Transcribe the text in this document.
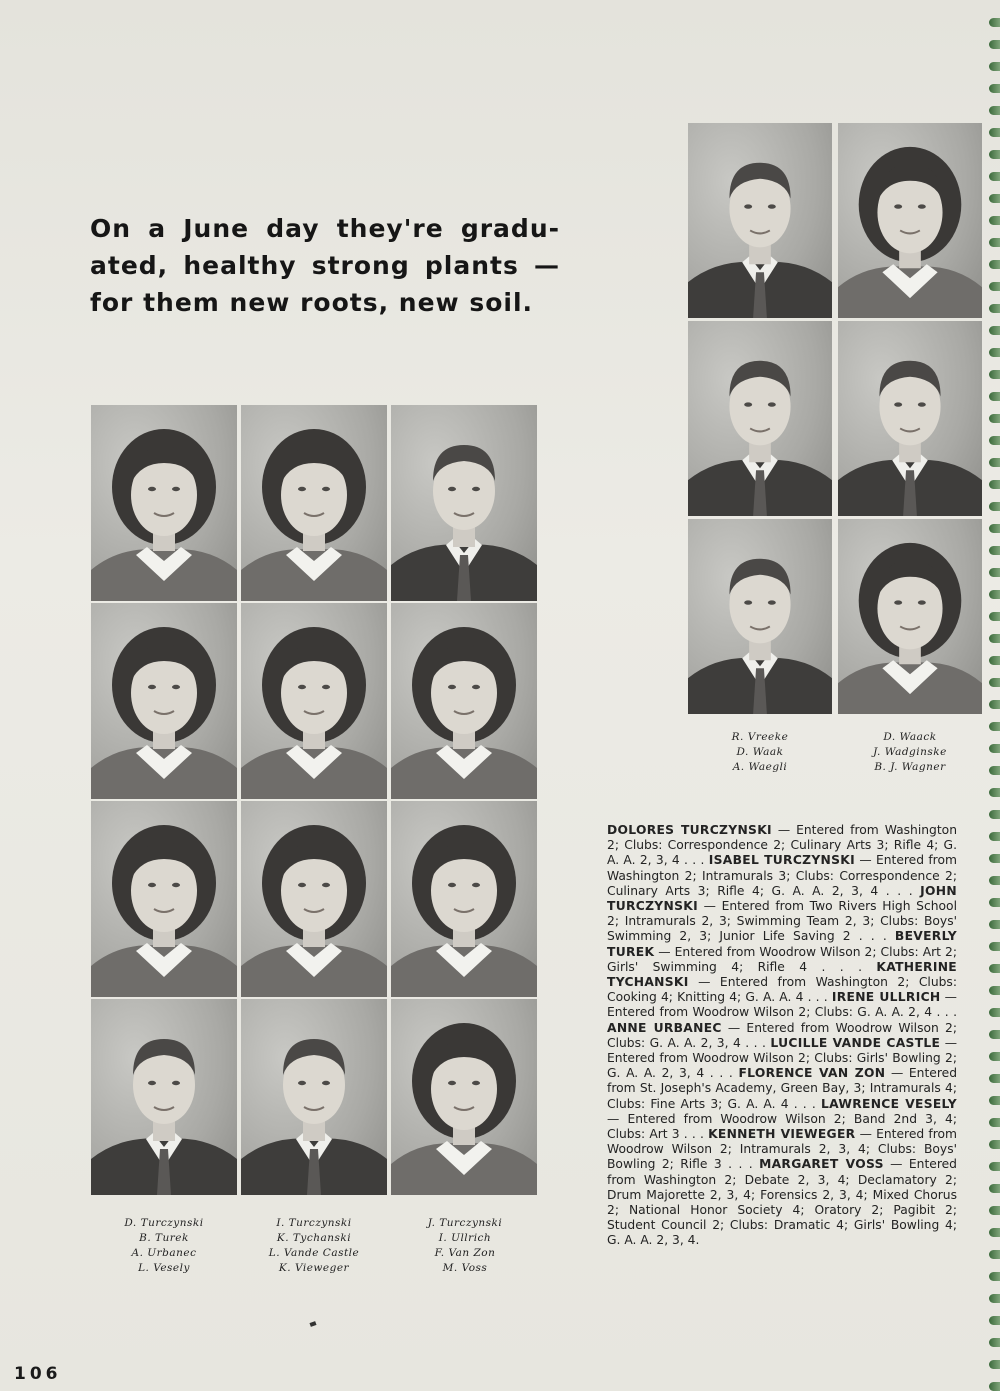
On a June day they're gradu-
ated, healthy strong plants —
for them new roots, new soil.
D. Turczynski
B. Turek
A. Urbanec
L. Vesely
I. Turczynski
K. Tychanski
L. Vande Castle
K. Vieweger
J. Turczynski
I. Ullrich
F. Van Zon
M. Voss
R. Vreeke
D. Waak
A. Waegli
D. Waack
J. Wadginske
B. J. Wagner
DOLORES TURCZYNSKI — Entered from Washington 2; Clubs: Correspondence 2; Culinary Arts 3; Rifle 4; G. A. A. 2, 3, 4 . . . ISABEL TURCZYNSKI — Entered from Washington 2; Intramurals 3; Clubs: Correspondence 2; Culinary Arts 3; Rifle 4; G. A. A. 2, 3, 4 . . . JOHN TURCZYNSKI — Entered from Two Rivers High School 2; Intramurals 2, 3; Swimming Team 2, 3; Clubs: Boys' Swimming 2, 3; Junior Life Saving 2 . . . BEVERLY TUREK — Entered from Woodrow Wilson 2; Clubs: Art 2; Girls' Swimming 4; Rifle 4 . . . KATHERINE TYCHANSKI — Entered from Washington 2; Clubs: Cooking 4; Knitting 4; G. A. A. 4 . . . IRENE ULLRICH — Entered from Woodrow Wilson 2; Clubs: G. A. A. 2, 4 . . . ANNE URBANEC — Entered from Woodrow Wilson 2; Clubs: G. A. A. 2, 3, 4 . . . LUCILLE VANDE CASTLE — Entered from Woodrow Wilson 2; Clubs: Girls' Bowling 2; G. A. A. 2, 3, 4 . . . FLORENCE VAN ZON — Entered from St. Joseph's Academy, Green Bay, 3; Intramurals 4; Clubs: Fine Arts 3; G. A. A. 4 . . . LAWRENCE VESELY — Entered from Woodrow Wilson 2; Band 2nd 3, 4; Clubs: Art 3 . . . KENNETH VIEWEGER — Entered from Woodrow Wilson 2; Intramurals 2, 3, 4; Clubs: Boys' Bowling 2; Rifle 3 . . . MARGARET VOSS — Entered from Washington 2; Debate 2, 3, 4; Declamatory 2; Drum Majorette 2, 3, 4; Forensics 2, 3, 4; Mixed Chorus 2; National Honor Society 4; Oratory 2; Pagibit 2; Student Council 2; Clubs: Dramatic 4; Girls' Bowling 4; G. A. A. 2, 3, 4.
106
